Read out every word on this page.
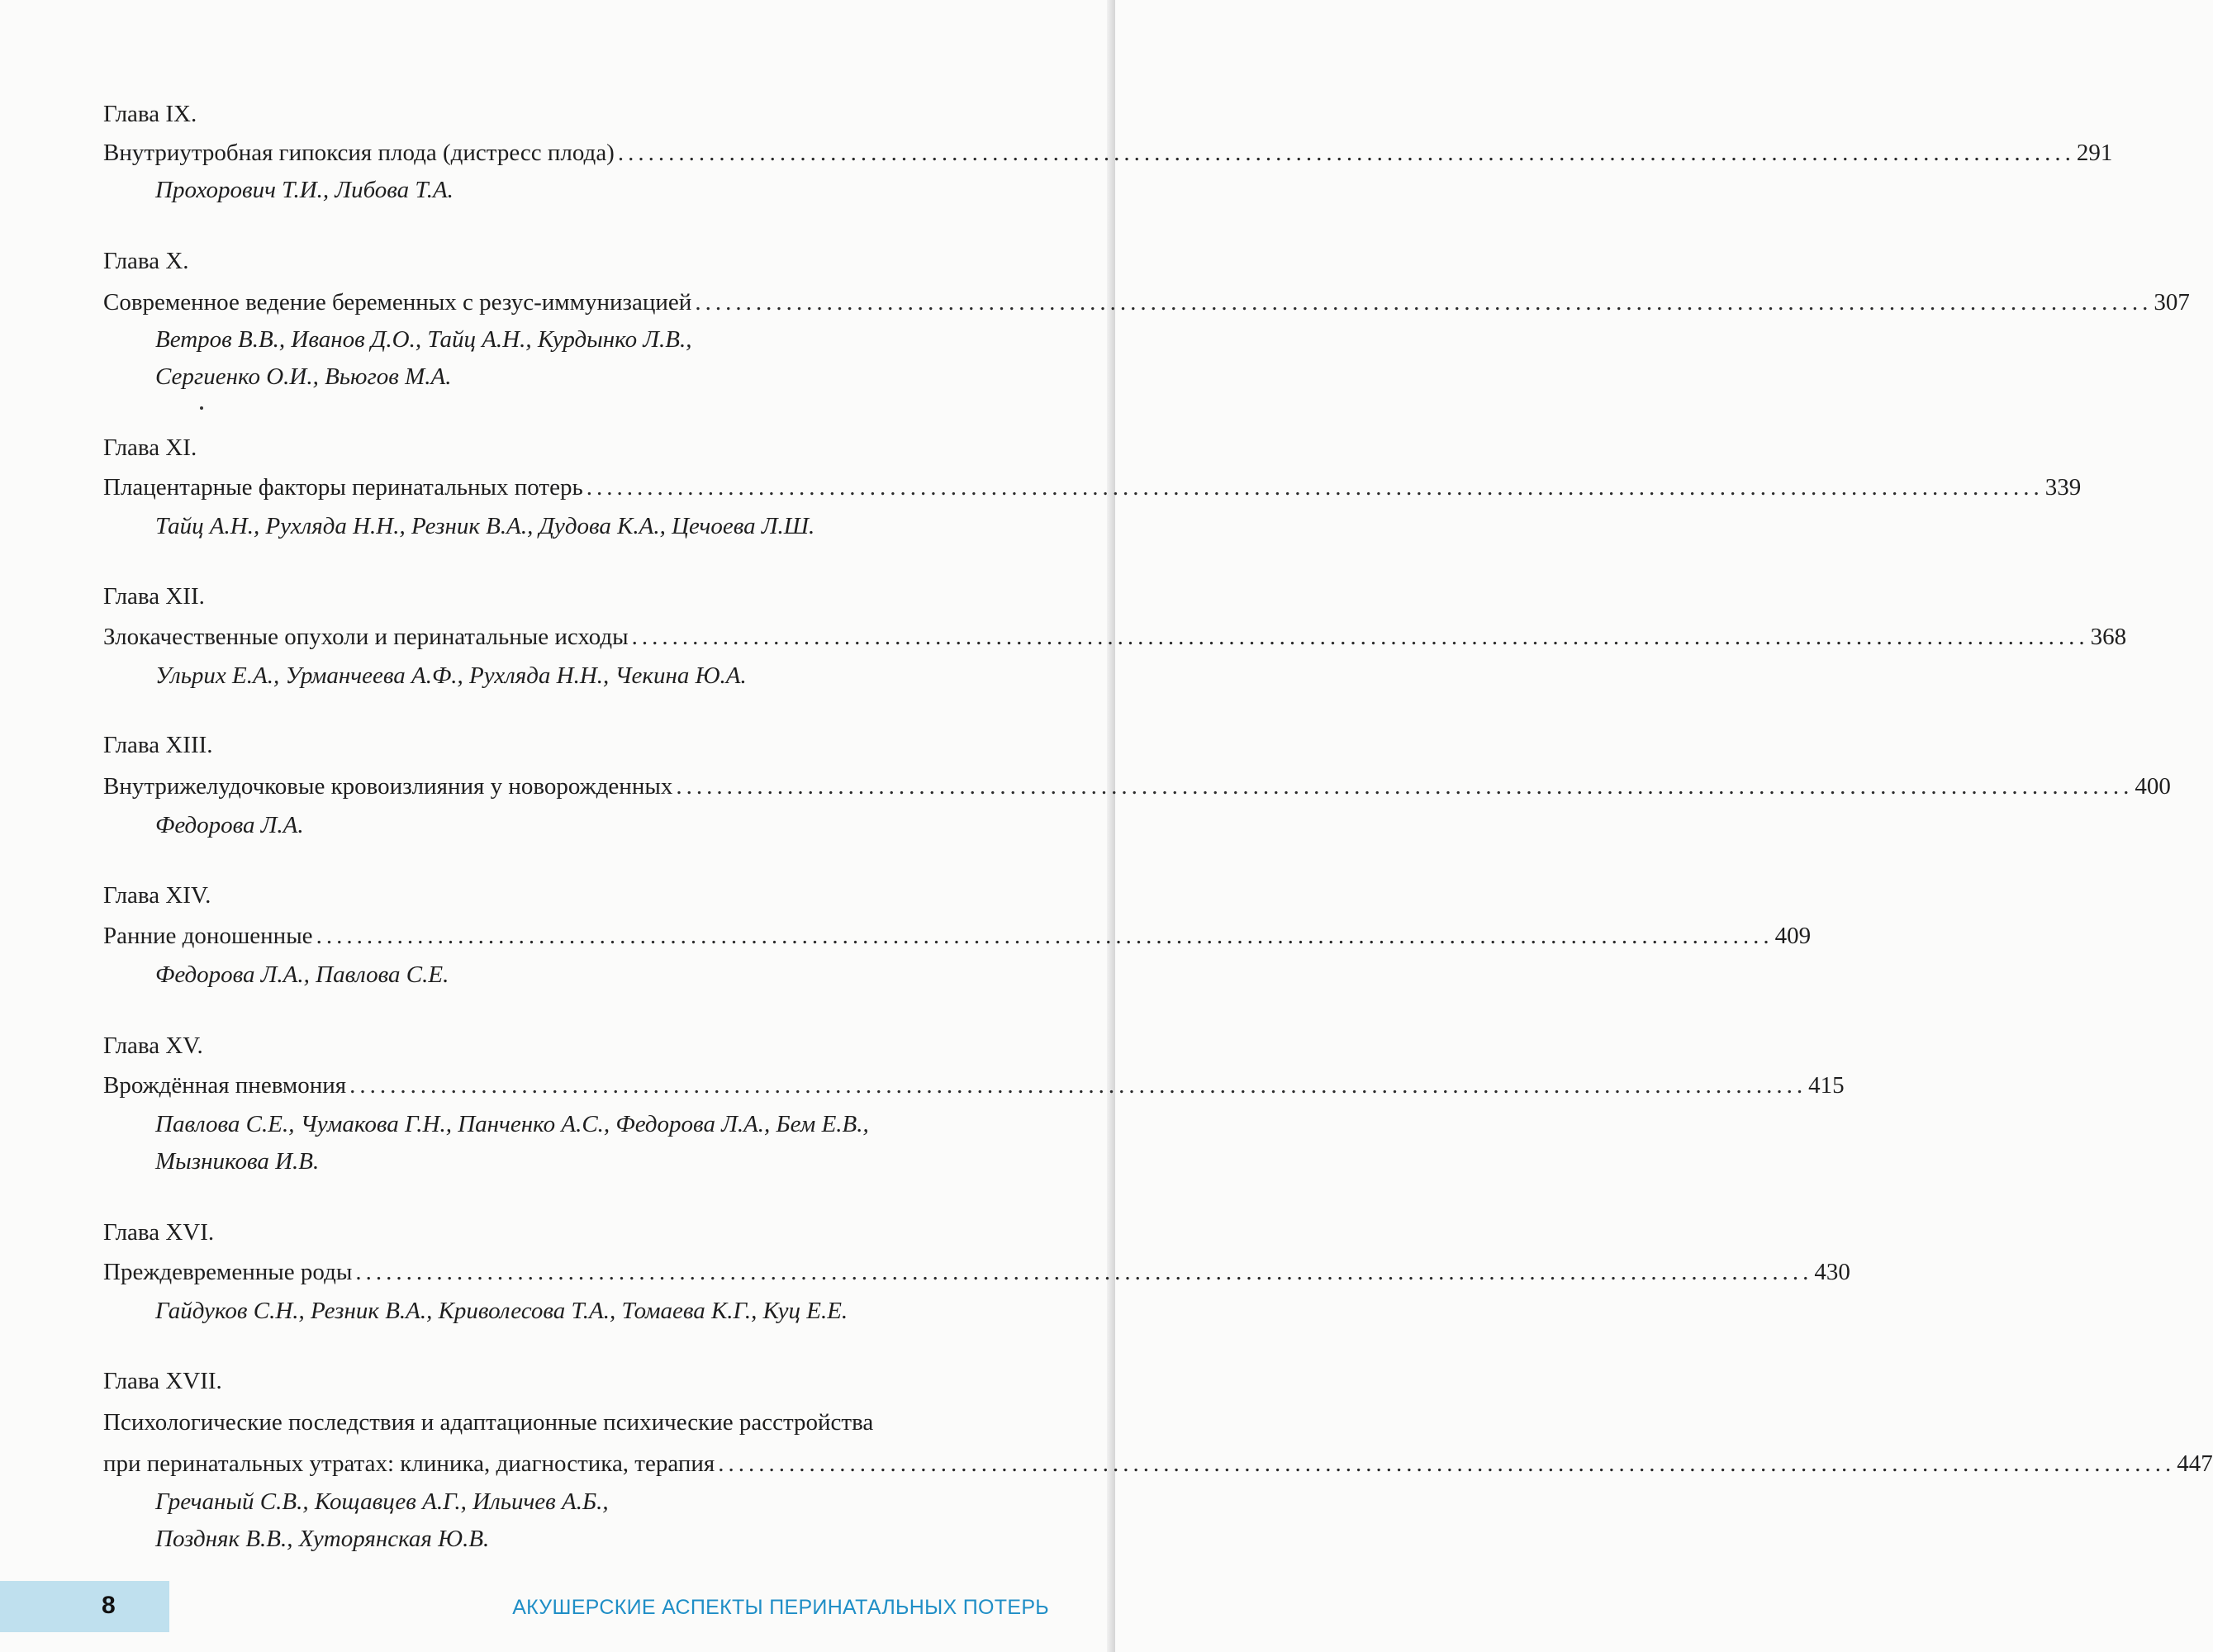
Глава IX.
Внутриутробная гипоксия плода (дистресс плода) ................................................................................................................................................ 291
Прохорович Т.И., Либова Т.А.
Глава X.
Современное ведение беременных с резус-иммунизацией ................................................................................................................................................ 307
Ветров В.В., Иванов Д.О., Тайц А.Н., Курдынко Л.В.,
Сергиенко О.И., Вьюгов М.А.
Глава XI.
Плацентарные факторы перинатальных потерь ................................................................................................................................................ 339
Тайц А.Н., Рухляда Н.Н., Резник В.А., Дудова К.А., Цечоева Л.Ш.
Глава XII.
Злокачественные опухоли и перинатальные исходы ................................................................................................................................................ 368
Ульрих Е.А., Урманчеева А.Ф., Рухляда Н.Н., Чекина Ю.А.
Глава XIII.
Внутрижелудочковые кровоизлияния у новорожденных ................................................................................................................................................ 400
Федорова Л.А.
Глава XIV.
Ранние доношенные ................................................................................................................................................ 409
Федорова Л.А., Павлова С.Е.
Глава XV.
Врождённая пневмония ................................................................................................................................................ 415
Павлова С.Е., Чумакова Г.Н., Панченко А.С., Федорова Л.А., Бем Е.В.,
Мызникова И.В.
Глава XVI.
Преждевременные роды ................................................................................................................................................ 430
Гайдуков С.Н., Резник В.А., Криволесова Т.А., Томаева К.Г., Куц Е.Е.
Глава XVII.
Психологические последствия и адаптационные психические расстройства
при перинатальных утратах: клиника, диагностика, терапия ................................................................................................................................................ 447
Гречаный С.В., Кощавцев А.Г., Ильичев А.Б.,
Поздняк В.В., Хуторянская Ю.В.
8	АКУШЕРСКИЕ АСПЕКТЫ ПЕРИНАТАЛЬНЫХ ПОТЕРЬ
